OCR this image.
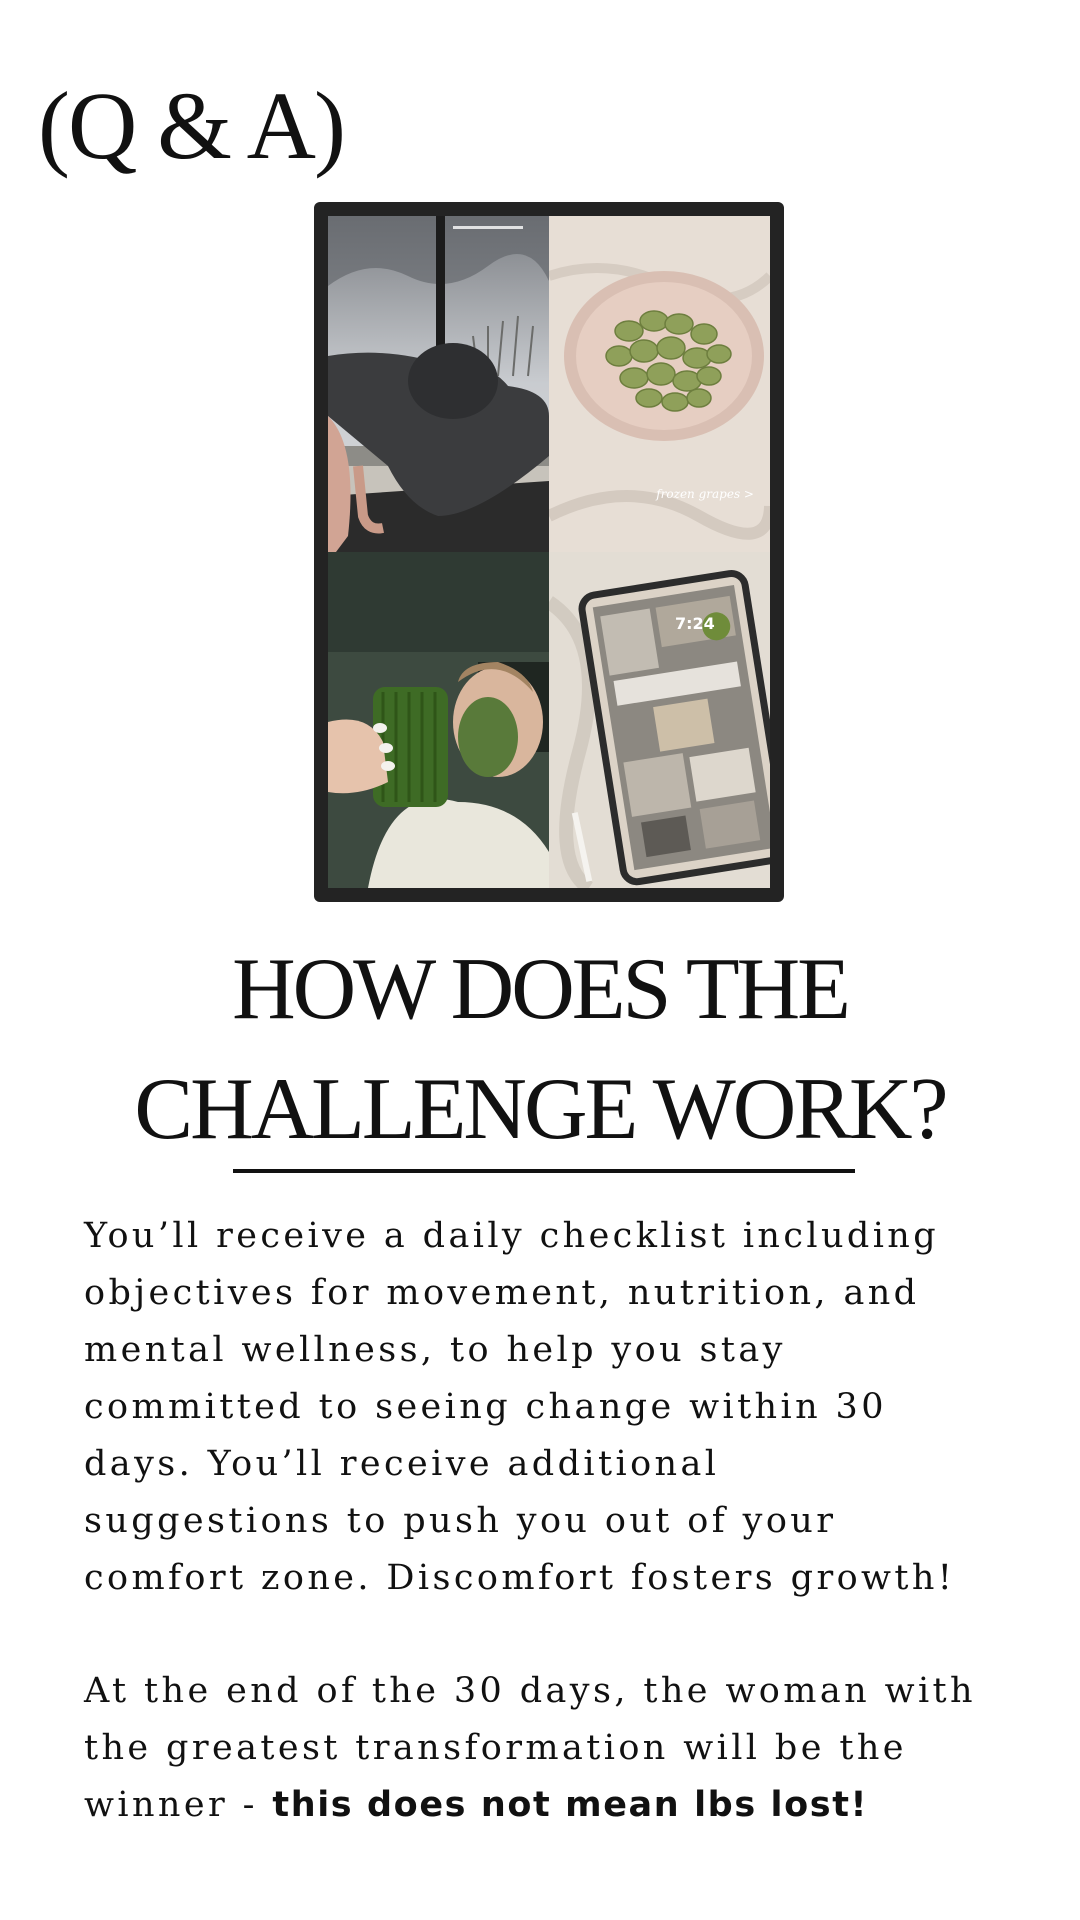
(Q & A)
frozen grapes >
7:24
HOW DOES THE
CHALLENGE WORK?

You’ll receive a daily checklist including

objectives for movement, nutrition, and

mental wellness, to help you stay

committed to seeing change within 30

days. You’ll receive additional

suggestions to push you out of your

comfort zone. Discomfort fosters growth!

At the end of the 30 days, the woman with

the greatest transformation will be the

winner - this does not mean lbs lost!
